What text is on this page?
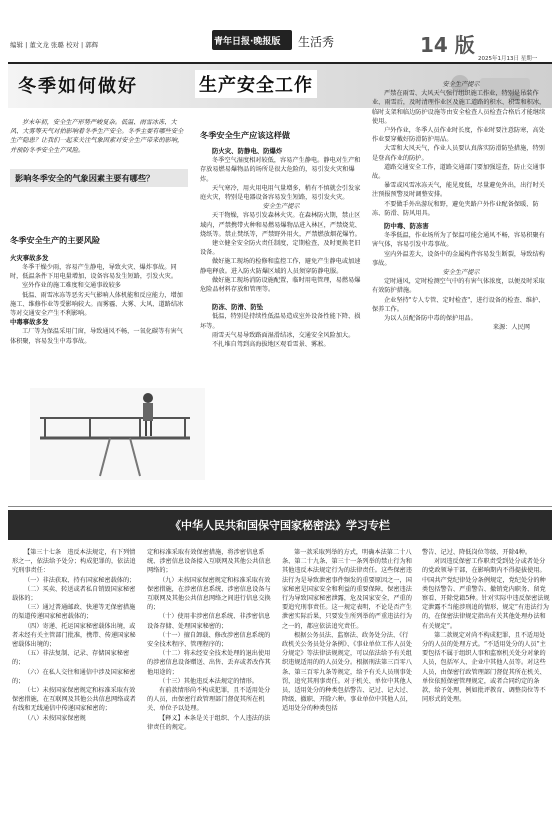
编辑 | 董文龙 张璐 校对 | 郭辉	青年日报·晚报版 生活秀	14 版
2025年1月13日 星期一
冬季如何做好	生产安全工作

岁末年初，安全生产形势严峻复杂。低温、雨雪冰冻、大风、大雾等天气对拍影响着冬季生产安全。冬季主要有哪些安全生产隐患？让我们一起来关注气象因素对安全生产带来的影响，并预防冬季安全生产风险。

影响冬季安全的气象因素主要有哪些？
冬季安全生产的主要风险

火灾事故多发

冬季干燥少雨，容易产生静电，导致火灾、爆炸事故。同时，低温条件下用电量增加，设备容易发生短路，引发火灾。

室外作业的施工难度和交通事故较多

低温、雨雪冰冻等恶劣天气影响人体机能和反应能力，增加施工、维修作业等受影响较大。而雾霾、大雾、大风、道路结冰等对交通安全产生不利影响。

中毒事故多发

工厂等为保温采用门窗，导致通风不畅，一氧化碳等有害气体积聚，容易发生中毒事故。

冬季安全生产应该这样做

防火灾、防静电、防爆炸

冬季空气湿度相对较低，容易产生静电。静电对生产和存放易燃易爆物品的场所是很大危险的，易引发火灾和爆炸。

天气寒冷，用火用电用气量增多，稍有不慎就会引发家庭火灾，特别是电器设备容易发生短路，易引发火灾。

安全生产提示

天干物燥，容易引发森林火灾。在森林防火期，禁止区域内，严禁携带火种和易燃易爆物品进入林区，严禁烧荒、烧纸等。禁止焚纸等，严禁野外用火，严禁燃放烟花爆竹。

建立健全安全防火责任制度，定期检查，及时更换老旧设备。

做好施工现场的检修和监控工作，避免产生静电或加速静电释放。进入防火防爆区域的人员须穿防静电服。

做好施工现场消防设施配置，临时用电管理，易燃易爆危险品材料存放和管理等。

防冻、防滑、防坠

低温，特别是持续性低温易造成室外设备性能下降、损坏等。

雨雪天气易导致路面湿滑结冰，交通安全风险加大。

不扎堆自驾到高海拔地区观看雪景、雾凇。

安全生产提示

严禁在雨雪、大风天气强行组织施工作业，特别是吊装作业、雨雪后，及时清理作业区及施工道路的积水、积雪和积冰，临时支架和临边防护设施等由安全检查人员检查合格后才能继续使用。

户外作业，冬季人员作业时长度，作业时要注意防寒，高处作业要穿戴好防滑防护用品。

大雪和大风天气，作业人员要认真落实防滑防坠措施，特别是登高作业的防护。

道路交通安全工作，道路交通部门要加强巡查，防止交通事故。

暴雪或风雪冰冻天气，能见度低，尽量避免外出，出行时关注预报预警及时调整安排。

不要做手外出游玩和野，避免夹路户外作业配备保暖、防冻、防滑、防风用具。

防中毒、防冻害

冬季低温，作业场所为了保温可能会通风不畅，容易积聚有害气体，容易引发中毒事故。

室内外温差大，设备中的金属构件容易发生断裂，导致结构事故。

安全生产提示

定时通风，定时检测空气中的有害气体浓度，以便及时采取有效防护措施。

企业坚持"专人专管、定时检查"，进行设备的检查、维护、保养工作。

为以人员配备防中毒的保护用品。

来源：人民网

《中华人民共和国保守国家秘密法》学习专栏

【第三十七条　违反本法规定，有下列情形之一，依法给予处分；构成犯罪的，依法追究刑事责任：

（一）非法获取、持有国家秘密载体的；

（二）买卖、转送或者私自销毁国家秘密载体的；

（三）通过普通邮政、快递等无保密措施的渠道传递国家秘密载体的；

（四）寄递、托运国家秘密载体出境，或者未经有关主管部门批准，携带、传递国家秘密载体出境的；

（五）非法复制、记录、存储国家秘密的；

（六）在私人交往和通信中涉及国家秘密的；

（七）未按国家保密规定和标准采取有效保密措施，在互联网及其他公共信息网络或者有线和无线通信中传递国家秘密的；

（八）未按国家保密规

定和标准采取有效保密措施，将涉密信息系统、涉密信息设备接入互联网及其他公共信息网络的；

（九）未按国家保密规定和标准采取有效保密措施，在涉密信息系统、涉密信息设备与互联网及其他公共信息网络之间进行信息交换的；

（十）使用非涉密信息系统、非涉密信息设备存储、处理国家秘密的；

（十一）擅自卸载、修改涉密信息系统的安全技术程序、管理程序的；

（十二）将未经安全技术处理的退出使用的涉密信息设备赠送、出售、丢弃或者改作其他用途的；

（十三）其他违反本法规定的情形。

有前款情形尚不构成犯罪，且不适用处分的人员，由保密行政管理部门督促其所在机关、单位予以处理。

【释义】本条是关于组织、个人违法的法律责任的规定。

第一款采取列举的方式，明确本法第二十八条、第二十九条、第三十一条列举的禁止行为和其他违反本法规定行为的法律责任。这些保密违法行为是导致泄密事件频发的重要原因之一，国家秘密是国家安全和利益的重要保障，保密违法行为导致国家秘密泄露，危及国家安全，严重的要追究刑事责任。这一规定表明，不论是否产生泄密实际后果，只要发生所列举的严重违法行为之一的，都应依法追究责任。

根据公务员法、监察法、政务处分法、《行政机关公务员处分条例》、《事业单位工作人员处分规定》等法律法规规定，可以依法给予有关组织违规适用的的人员处分。根据刑法第三百零八条、第三百零九条等规定，给予有关人员刑事处罚，追究其刑事责任。对于机关、单位中其他人员，适用处分的种类包括警告、记过、记大过、降级、撤职、开除六种。事业单位中其他人员，适用处分的种类包括

警告、记过、降低岗位等级、开除4种。

对因违反保密工作职责受到处分或者处分的党政领导干部，在影响期内不得提拔使用。中国共产党纪律处分条例规定，党纪处分的种类包括警告、严重警告、撤销党内职务、留党察看、开除党籍5种。针对实际中违反保密法规定泄露不当能涉刑追的情形，规定“有违法行为的，在保密法律规定指出有关其他处理办法和有关规定”。

第二款规定对尚不构成犯罪，且不适用处分的人员的处理方式。“不适用处分的人员”主要包括不属于组织人事和监察机关处分对象的人员，包括军人、企业中其他人员等。对这些人员，由保密行政管理部门督促其所在机关、单位依照保密管理规定，或者合同约定的条款，给予处理，例如批评教育、调整岗位等不同形式的处理。
